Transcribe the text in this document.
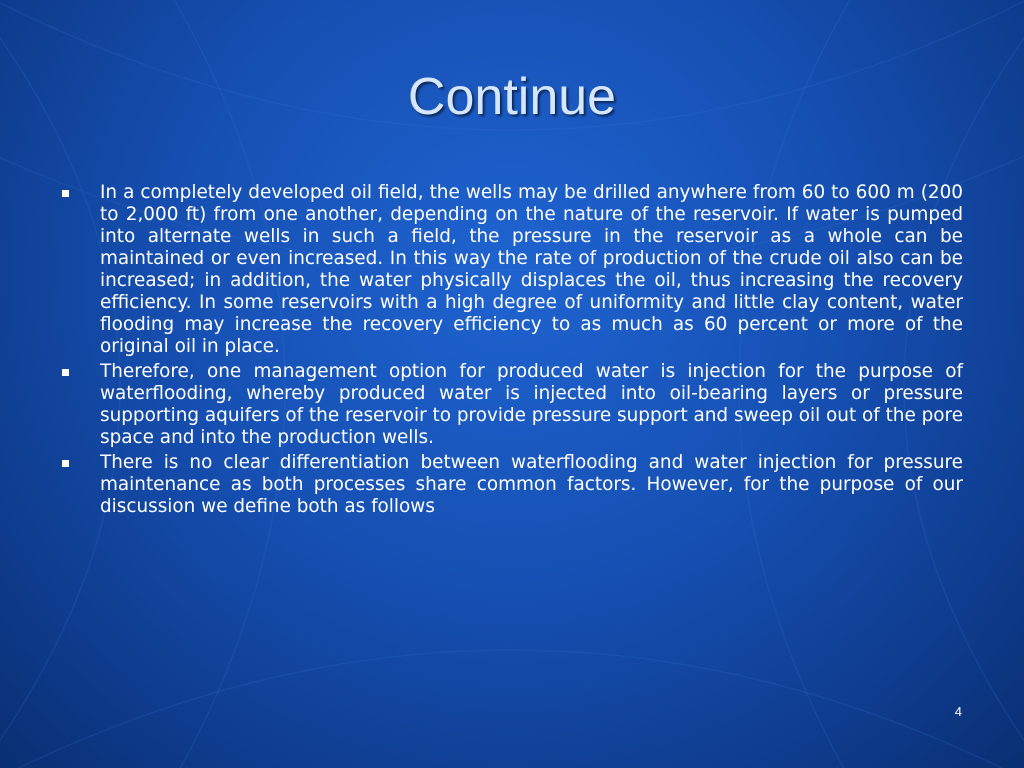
Continue
In a completely developed oil field, the wells may be drilled anywhere from 60 to 600 m (200 to 2,000 ft) from one another, depending on the nature of the reservoir. If water is pumped into alternate wells in such a field, the pressure in the reservoir as a whole can be maintained or even increased. In this way the rate of production of the crude oil also can be increased; in addition, the water physically displaces the oil, thus increasing the recovery efficiency. In some reservoirs with a high degree of uniformity and little clay content, water flooding may increase the recovery efficiency to as much as 60 percent or more of the original oil in place.
Therefore, one management option for produced water is injection for the purpose of waterflooding, whereby produced water is injected into oil-bearing layers or pressure supporting aquifers of the reservoir to provide pressure support and sweep oil out of the pore space and into the production wells.
There is no clear differentiation between waterflooding and water injection for pressure maintenance as both processes share common factors. However, for the purpose of our discussion we define both as follows
4
